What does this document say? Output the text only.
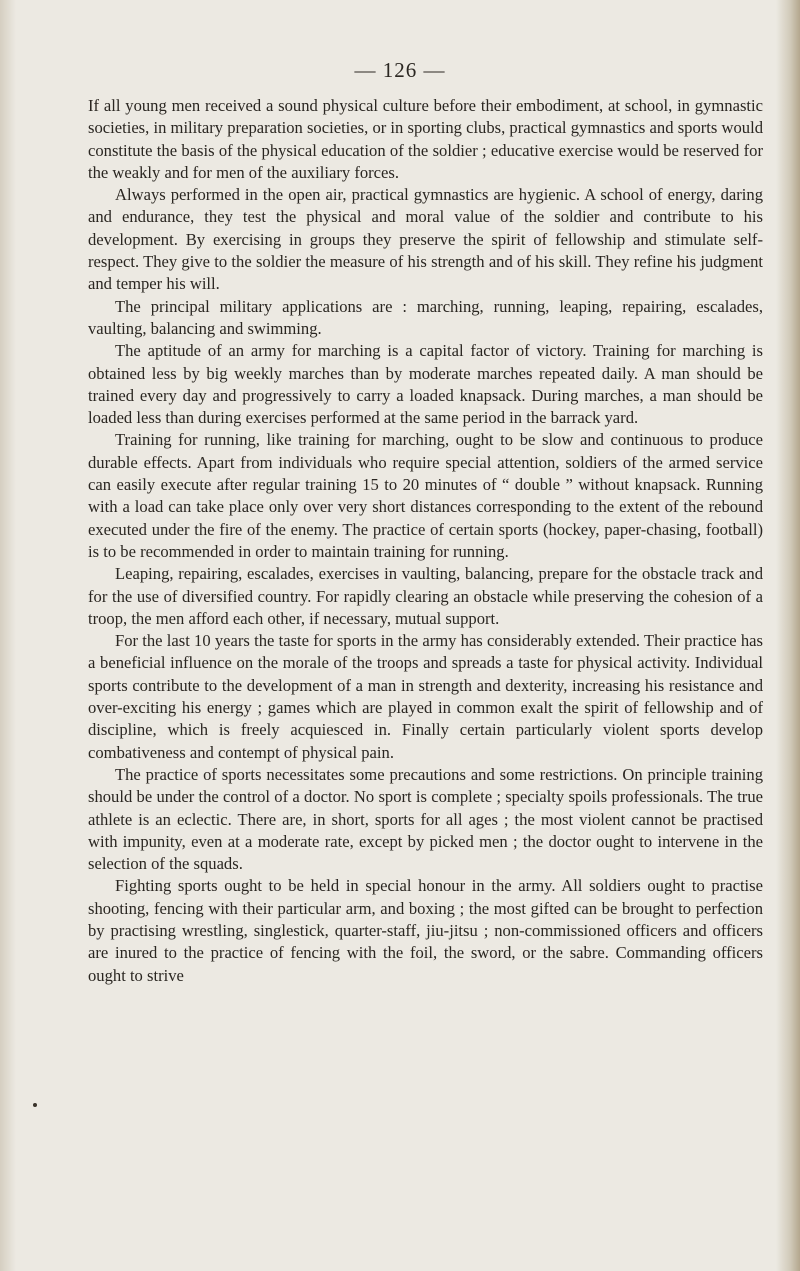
— 126 —

If all young men received a sound physical culture before their embodiment, at school, in gymnastic societies, in military preparation societies, or in sporting clubs, practical gymnastics and sports would constitute the basis of the physical education of the soldier ; educative exercise would be reserved for the weakly and for men of the auxiliary forces.

Always performed in the open air, practical gymnastics are hygienic. A school of energy, daring and endurance, they test the physical and moral value of the soldier and contribute to his development. By exercising in groups they preserve the spirit of fellowship and stimulate self-respect. They give to the soldier the measure of his strength and of his skill. They refine his judgment and temper his will.

The principal military applications are : marching, running, leaping, repairing, escalades, vaulting, balancing and swimming.

The aptitude of an army for marching is a capital factor of victory. Training for marching is obtained less by big weekly marches than by moderate marches repeated daily. A man should be trained every day and progressively to carry a loaded knapsack. During marches, a man should be loaded less than during exercises performed at the same period in the barrack yard.

Training for running, like training for marching, ought to be slow and continuous to produce durable effects. Apart from individuals who require special attention, soldiers of the armed service can easily execute after regular training 15 to 20 minutes of “ double ” without knapsack. Running with a load can take place only over very short distances corresponding to the extent of the rebound executed under the fire of the enemy. The practice of certain sports (hockey, paper-chasing, football) is to be recommended in order to maintain training for running.

Leaping, repairing, escalades, exercises in vaulting, balancing, prepare for the obstacle track and for the use of diversified country. For rapidly clearing an obstacle while preserving the cohesion of a troop, the men afford each other, if necessary, mutual support.

For the last 10 years the taste for sports in the army has considerably extended. Their practice has a beneficial influence on the morale of the troops and spreads a taste for physical activity. Individual sports contribute to the development of a man in strength and dexterity, increasing his resistance and over-exciting his energy ; games which are played in common exalt the spirit of fellowship and of discipline, which is freely acquiesced in. Finally certain particularly violent sports develop combativeness and contempt of physical pain.

The practice of sports necessitates some precautions and some restrictions. On principle training should be under the control of a doctor. No sport is complete ; specialty spoils professionals. The true athlete is an eclectic. There are, in short, sports for all ages ; the most violent cannot be practised with impunity, even at a moderate rate, except by picked men ; the doctor ought to intervene in the selection of the squads.

Fighting sports ought to be held in special honour in the army. All soldiers ought to practise shooting, fencing with their particular arm, and boxing ; the most gifted can be brought to perfection by practising wrestling, singlestick, quarter-staff, jiu-jitsu ; non-commissioned officers and officers are inured to the practice of fencing with the foil, the sword, or the sabre. Commanding officers ought to strive
